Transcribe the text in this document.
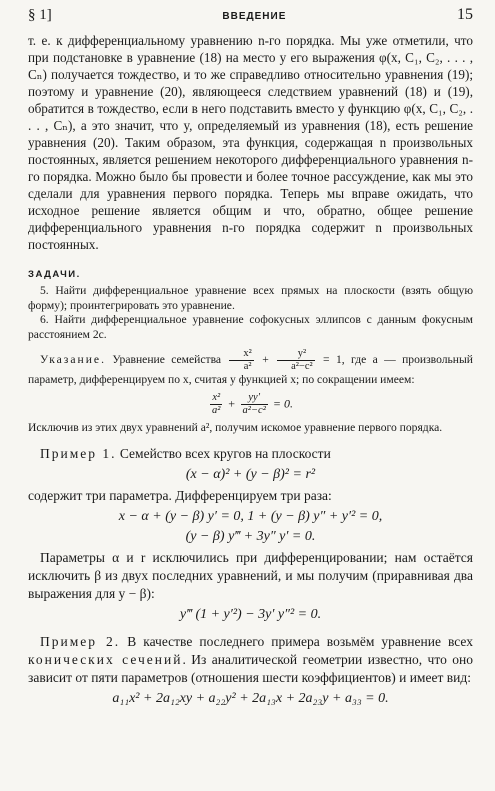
§ 1]	ВВЕДЕНИЕ	15

т. е. к дифференциальному уравнению n-го порядка. Мы уже отметили, что при подстановке в уравнение (18) на место y его выражения φ(x, C₁, C₂, . . . , Cₙ) получается тождество, и то же справедливо относительно уравнения (19); поэтому и уравнение (20), являющееся следствием уравнений (18) и (19), обратится в тождество, если в него подставить вместо y функцию φ(x, C₁, C₂, . . . , Cₙ), а это значит, что y, определяемый из уравнения (18), есть решение уравнения (20). Таким образом, эта функция, содержащая n произвольных постоянных, является решением некоторого дифференциального уравнения n-го порядка. Можно было бы провести и более точное рассуждение, как мы это сделали для уравнения первого порядка. Теперь мы вправе ожидать, что исходное решение является общим и что, обратно, общее решение дифференциального уравнения n-го порядка содержит n произвольных постоянных.

ЗАДАЧИ.

5. Найти дифференциальное уравнение всех прямых на плоскости (взять общую форму); проинтегрировать это уравнение.

6. Найти дифференциальное уравнение софокусных эллипсов с данным фокусным расстоянием 2c.

Указание. Уравнение семейства $\frac{\text{x²}}{\text{a²}} + \frac{\text{y²}}{\text{a²−c²}} = 1$, где a — произвольный параметр, дифференцируем по x, считая y функцией x; по сокращении имеем:

$\frac{\text{x²}}{\text{a²}} + \frac{yy'}{\text{a²−c²}} = 0$.

Исключив из этих двух уравнений a², получим искомое уравнение первого порядка.

Пример 1. Семейство всех кругов на плоскости

(x − α)² + (y − β)² = r²

содержит три параметра. Дифференцируем три раза:

x − α + (y − β) y′ = 0, 1 + (y − β) y″ + y′² = 0,
(y − β) y‴ + 3y″ y′ = 0.

Параметры α и r исключились при дифференцировании; нам остаётся исключить β из двух последних уравнений, и мы получим (приравнивая два выражения для y − β):

y‴ (1 + y′²) − 3y′ y″² = 0.

Пример 2. В качестве последнего примера возьмём уравнение всех конических сечений. Из аналитической геометрии известно, что оно зависит от пяти параметров (отношения шести коэффициентов) и имеет вид:

a₁₁x² + 2a₁₂xy + a₂₂y² + 2a₁₃x + 2a₂₃y + a₃₃ = 0.
